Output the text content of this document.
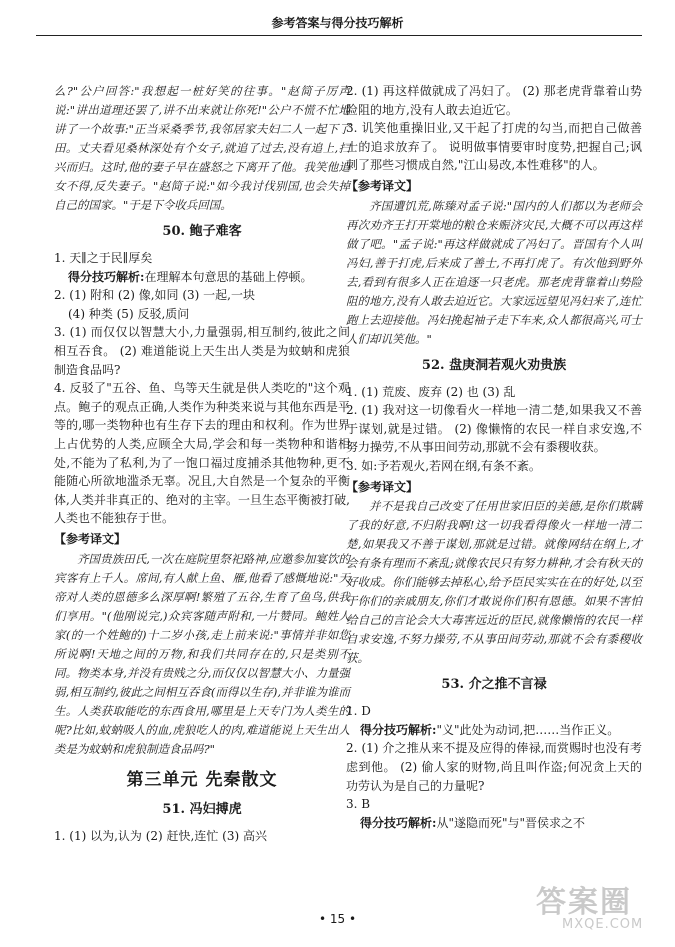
参考答案与得分技巧解析

么?"公户回答:"我想起一桩好笑的往事。"赵简子厉声说:"讲出道理还罢了,讲不出来就让你死!"公户不慌不忙地讲了一个故事:"正当采桑季节,我邻居家夫妇二人一起下了田。丈夫看见桑林深处有个女子,就追了过去,没有追上,扫兴而归。这时,他的妻子早在盛怒之下离开了他。我笑他追女不得,反失妻子。"赵简子说:"如今我讨伐别国,也会失掉自己的国家。"于是下令收兵回国。

50. 鲍子难客

1. 天∥之于民∥厚矣

得分技巧解析:在理解本句意思的基础上停顿。

2. (1) 附和 (2) 像,如同 (3) 一起,一块

(4) 种类 (5) 反驳,质问

3. (1) 而仅仅以智慧大小,力量强弱,相互制约,彼此之间相互吞食。 (2) 难道能说上天生出人类是为蚊蚋和虎狼制造食品吗?

4. 反驳了"五谷、鱼、鸟等天生就是供人类吃的"这个观点。鲍子的观点正确,人类作为种类来说与其他东西是平等的,哪一类物种也有生存下去的理由和权利。作为世界上占优势的人类,应顾全大局,学会和每一类物种和谐相处,不能为了私利,为了一饱口福过度捕杀其他物种,更不能随心所欲地滥杀无辜。况且,大自然是一个复杂的平衡体,人类并非真正的、绝对的主宰。一旦生态平衡被打破,人类也不能独存于世。

【参考译文】

齐国贵族田氏,一次在庭院里祭祀路神,应邀参加宴饮的宾客有上千人。席间,有人献上鱼、雁,他看了感慨地说:"天帝对人类的恩德多么深厚啊!繁殖了五谷,生育了鱼鸟,供我们享用。"(他刚说完,)众宾客随声附和,一片赞同。鲍姓人家(的一个姓鲍的)十二岁小孩,走上前来说:"事情并非如您所说啊!天地之间的万物,和我们共同存在的,只是类别不同。物类本身,并没有贵贱之分,而仅仅以智慧大小、力量强弱,相互制约,彼此之间相互吞食(而得以生存),并非谁为谁而生。人类获取能吃的东西食用,哪里是上天专门为人类生的呢?比如,蚊蚋吸人的血,虎狼吃人的肉,难道能说上天生出人类是为蚊蚋和虎狼制造食品吗?"

第三单元 先秦散文
51. 冯妇搏虎

1. (1) 以为,认为 (2) 赶快,连忙 (3) 高兴

2. (1) 再这样做就成了冯妇了。 (2) 那老虎背靠着山势险阻的地方,没有人敢去迫近它。

3. 讥笑他重操旧业,又干起了打虎的勾当,而把自己做善士的追求放弃了。 说明做事情要审时度势,把握自己;讽刺了那些习惯成自然,"江山易改,本性难移"的人。

【参考译文】

齐国遭饥荒,陈臻对孟子说:"国内的人们都以为老师会再次劝齐王打开棠地的粮仓来赈济灾民,大概不可以再这样做了吧。"孟子说:"再这样做就成了冯妇了。晋国有个人叫冯妇,善于打虎,后来成了善士,不再打虎了。有次他到野外去,看到有很多人正在追逐一只老虎。那老虎背靠着山势险阻的地方,没有人敢去迫近它。大家远远望见冯妇来了,连忙跑上去迎接他。冯妇挽起袖子走下车来,众人都很高兴,可士人们却讥笑他。"

52. 盘庚洞若观火劝贵族

1. (1) 荒废、废弃 (2) 也 (3) 乱

2. (1) 我对这一切像看火一样地一清二楚,如果我又不善于谋划,就是过错。 (2) 像懒惰的农民一样自求安逸,不努力操劳,不从事田间劳动,那就不会有黍稷收获。

3. 如:予若观火,若网在纲,有条不紊。

【参考译文】

并不是我自己改变了任用世家旧臣的美德,是你们欺瞒了我的好意,不归附我啊!这一切我看得像火一样地一清二楚,如果我又不善于谋划,那就是过错。就像网结在纲上,才会有条有理而不紊乱;就像农民只有努力耕种,才会有秋天的好收成。你们能够去掉私心,给予臣民实实在在的好处,以至于你们的亲戚朋友,你们才敢说你们积有恩德。如果不害怕给自己的言论会大大毒害远近的臣民,就像懒惰的农民一样自求安逸,不努力操劳,不从事田间劳动,那就不会有黍稷收获。

53. 介之推不言禄

1. D

得分技巧解析:"义"此处为动词,把……当作正义。

2. (1) 介之推从来不提及应得的俸禄,而赏赐时也没有考虑到他。 (2) 偷人家的财物,尚且叫作盗;何况贪上天的功劳认为是自己的力量呢?

3. B

得分技巧解析:从"遂隐而死"与"晋侯求之不

• 15 •	答案圈
MXQE.COM
